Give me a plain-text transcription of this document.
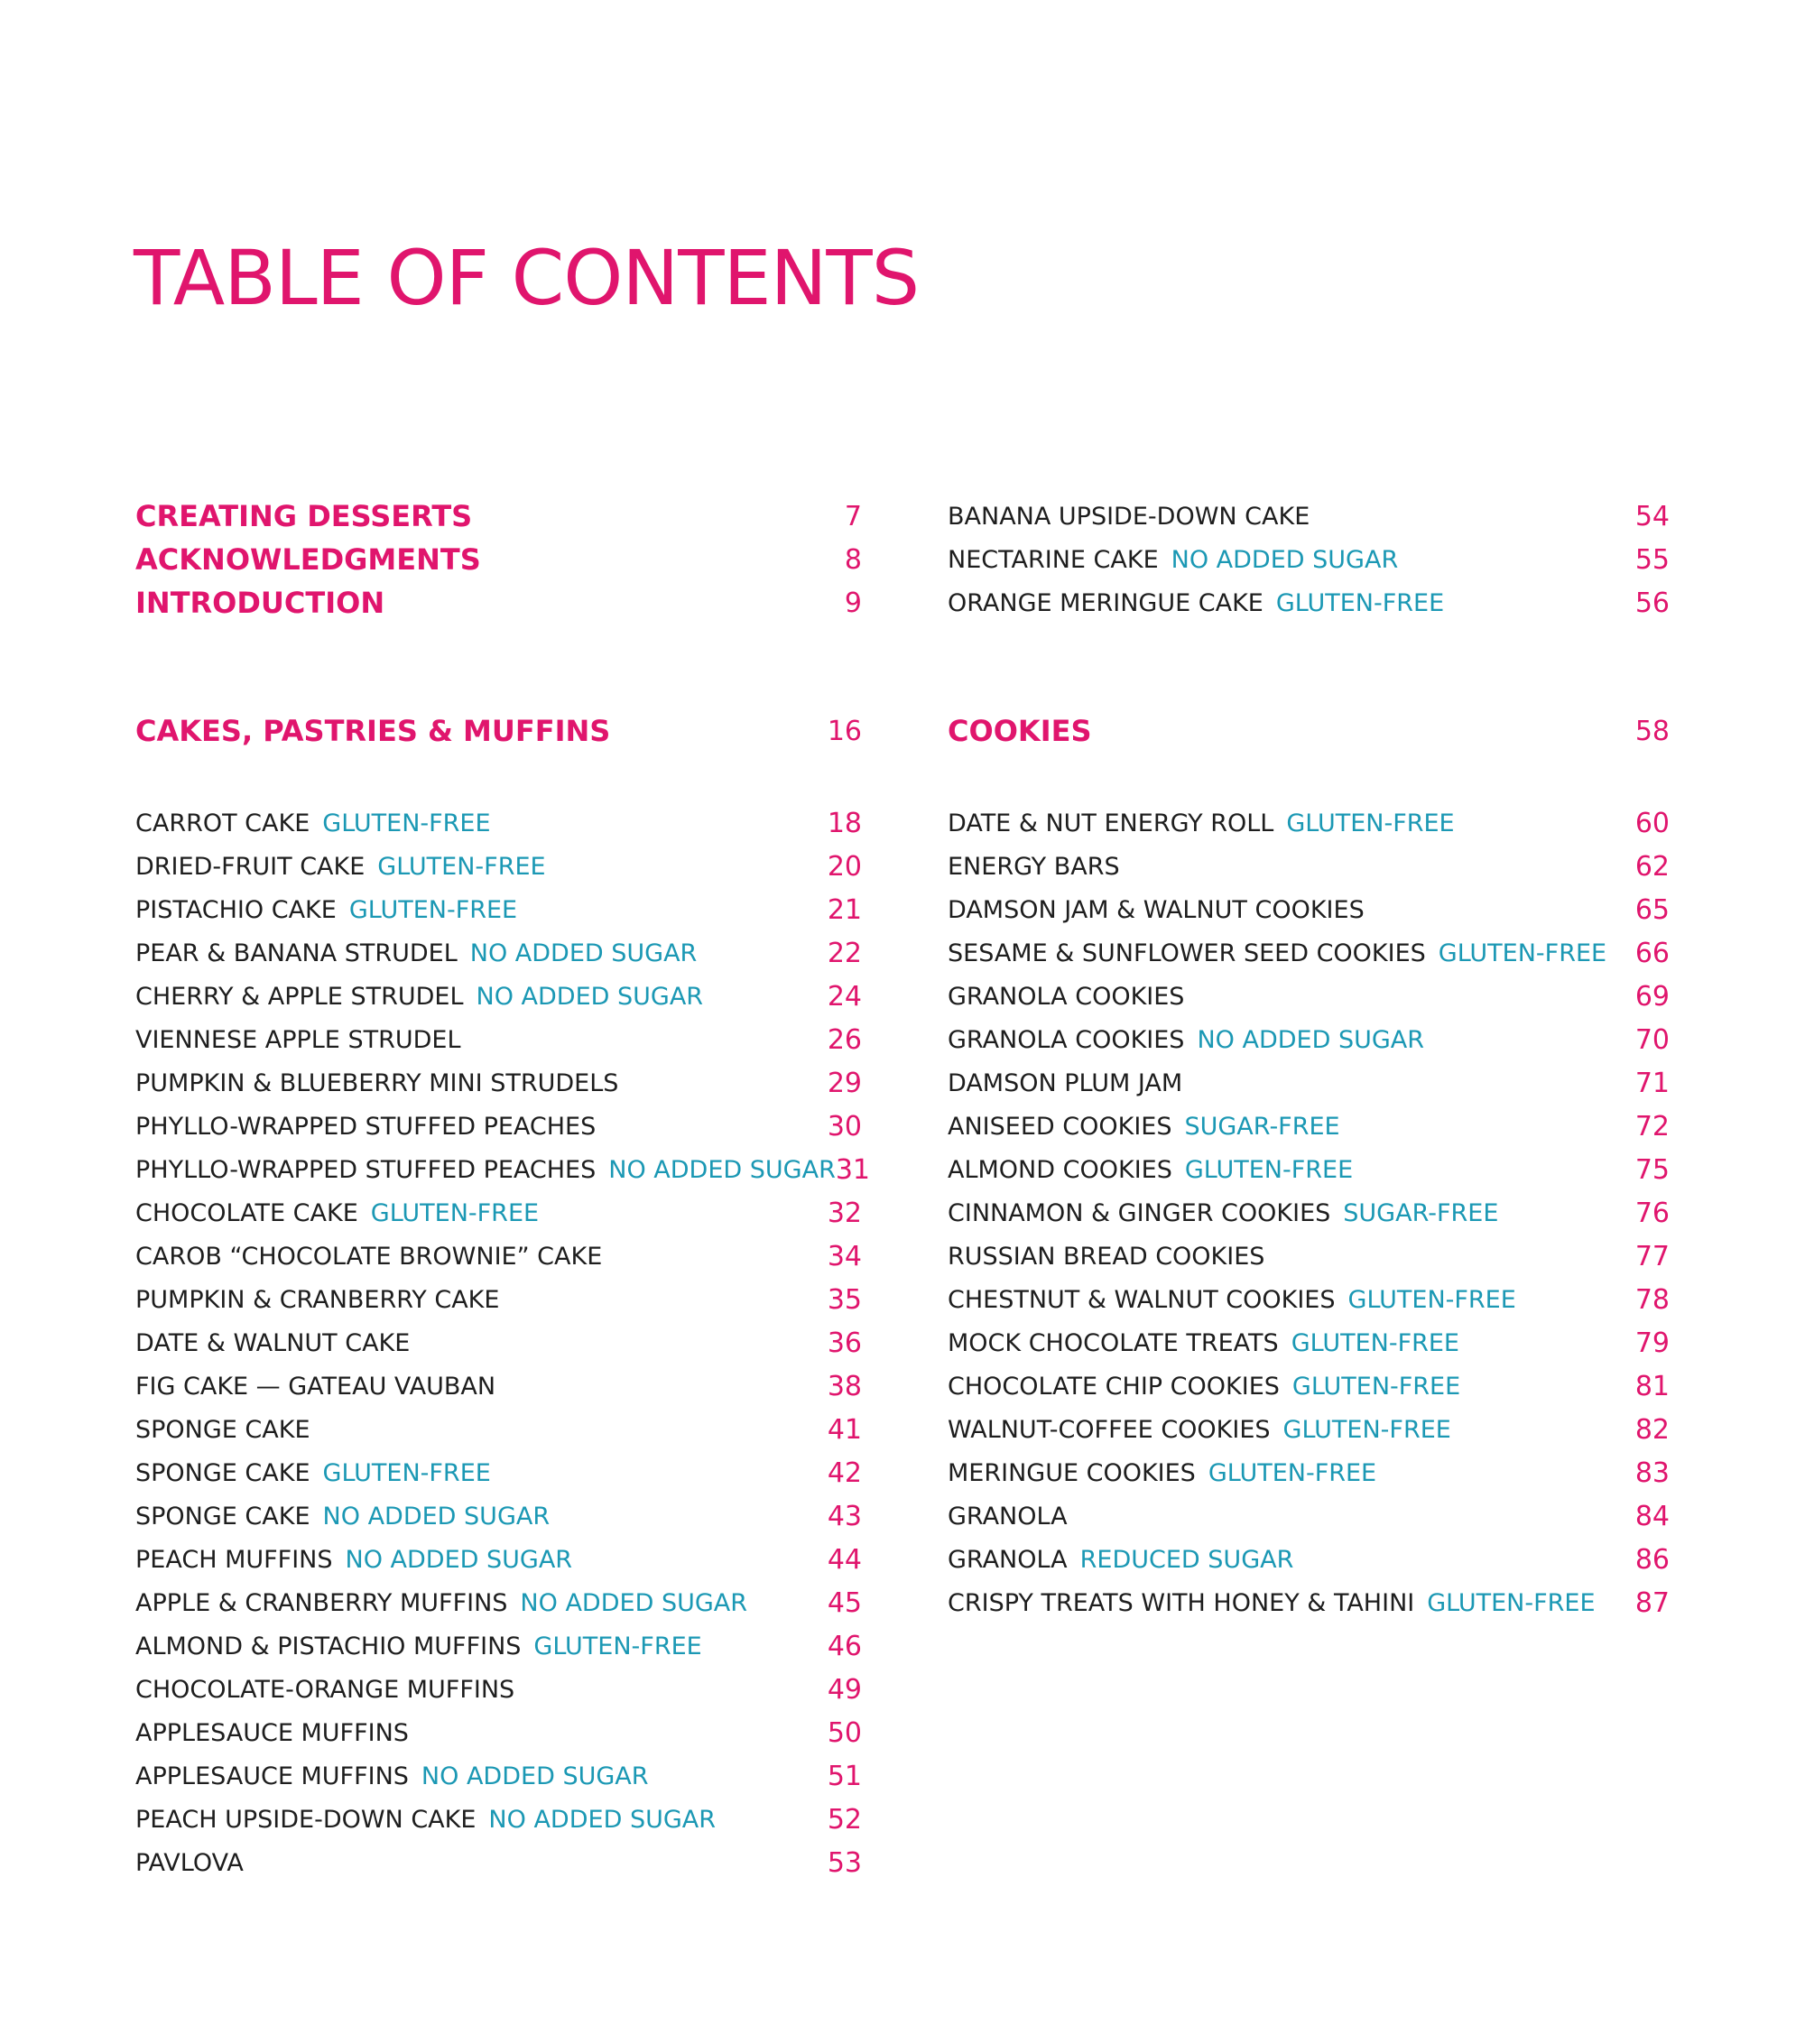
TABLE OF CONTENTS
CREATING DESSERTS	7
ACKNOWLEDGMENTS	8
INTRODUCTION	9
CAKES, PASTRIES & MUFFINS	16
CARROT CAKE GLUTEN-FREE	18
DRIED-FRUIT CAKE GLUTEN-FREE	20
PISTACHIO CAKE GLUTEN-FREE	21
PEAR & BANANA STRUDEL NO ADDED SUGAR	22
CHERRY & APPLE STRUDEL NO ADDED SUGAR	24
VIENNESE APPLE STRUDEL	26
PUMPKIN & BLUEBERRY MINI STRUDELS	29
PHYLLO-WRAPPED STUFFED PEACHES	30
PHYLLO-WRAPPED STUFFED PEACHES NO ADDED SUGAR 31
CHOCOLATE CAKE GLUTEN-FREE	32
CAROB “CHOCOLATE BROWNIE” CAKE	34
PUMPKIN & CRANBERRY CAKE	35
DATE & WALNUT CAKE	36
FIG CAKE — GATEAU VAUBAN	38
SPONGE CAKE	41
SPONGE CAKE GLUTEN-FREE	42
SPONGE CAKE NO ADDED SUGAR	43
PEACH MUFFINS NO ADDED SUGAR	44
APPLE & CRANBERRY MUFFINS NO ADDED SUGAR	45
ALMOND & PISTACHIO MUFFINS GLUTEN-FREE	46
CHOCOLATE-ORANGE MUFFINS	49
APPLESAUCE MUFFINS	50
APPLESAUCE MUFFINS NO ADDED SUGAR	51
PEACH UPSIDE-DOWN CAKE NO ADDED SUGAR	52
PAVLOVA	53
BANANA UPSIDE-DOWN CAKE	54
NECTARINE CAKE NO ADDED SUGAR	55
ORANGE MERINGUE CAKE GLUTEN-FREE	56
COOKIES	58
DATE & NUT ENERGY ROLL GLUTEN-FREE	60
ENERGY BARS	62
DAMSON JAM & WALNUT COOKIES	65
SESAME & SUNFLOWER SEED COOKIES GLUTEN-FREE 66
GRANOLA COOKIES	69
GRANOLA COOKIES NO ADDED SUGAR	70
DAMSON PLUM JAM	71
ANISEED COOKIES SUGAR-FREE	72
ALMOND COOKIES GLUTEN-FREE	75
CINNAMON & GINGER COOKIES SUGAR-FREE	76
RUSSIAN BREAD COOKIES	77
CHESTNUT & WALNUT COOKIES GLUTEN-FREE	78
MOCK CHOCOLATE TREATS GLUTEN-FREE	79
CHOCOLATE CHIP COOKIES GLUTEN-FREE	81
WALNUT-COFFEE COOKIES GLUTEN-FREE	82
MERINGUE COOKIES GLUTEN-FREE	83
GRANOLA	84
GRANOLA REDUCED SUGAR	86
CRISPY TREATS WITH HONEY & TAHINI GLUTEN-FREE 87
